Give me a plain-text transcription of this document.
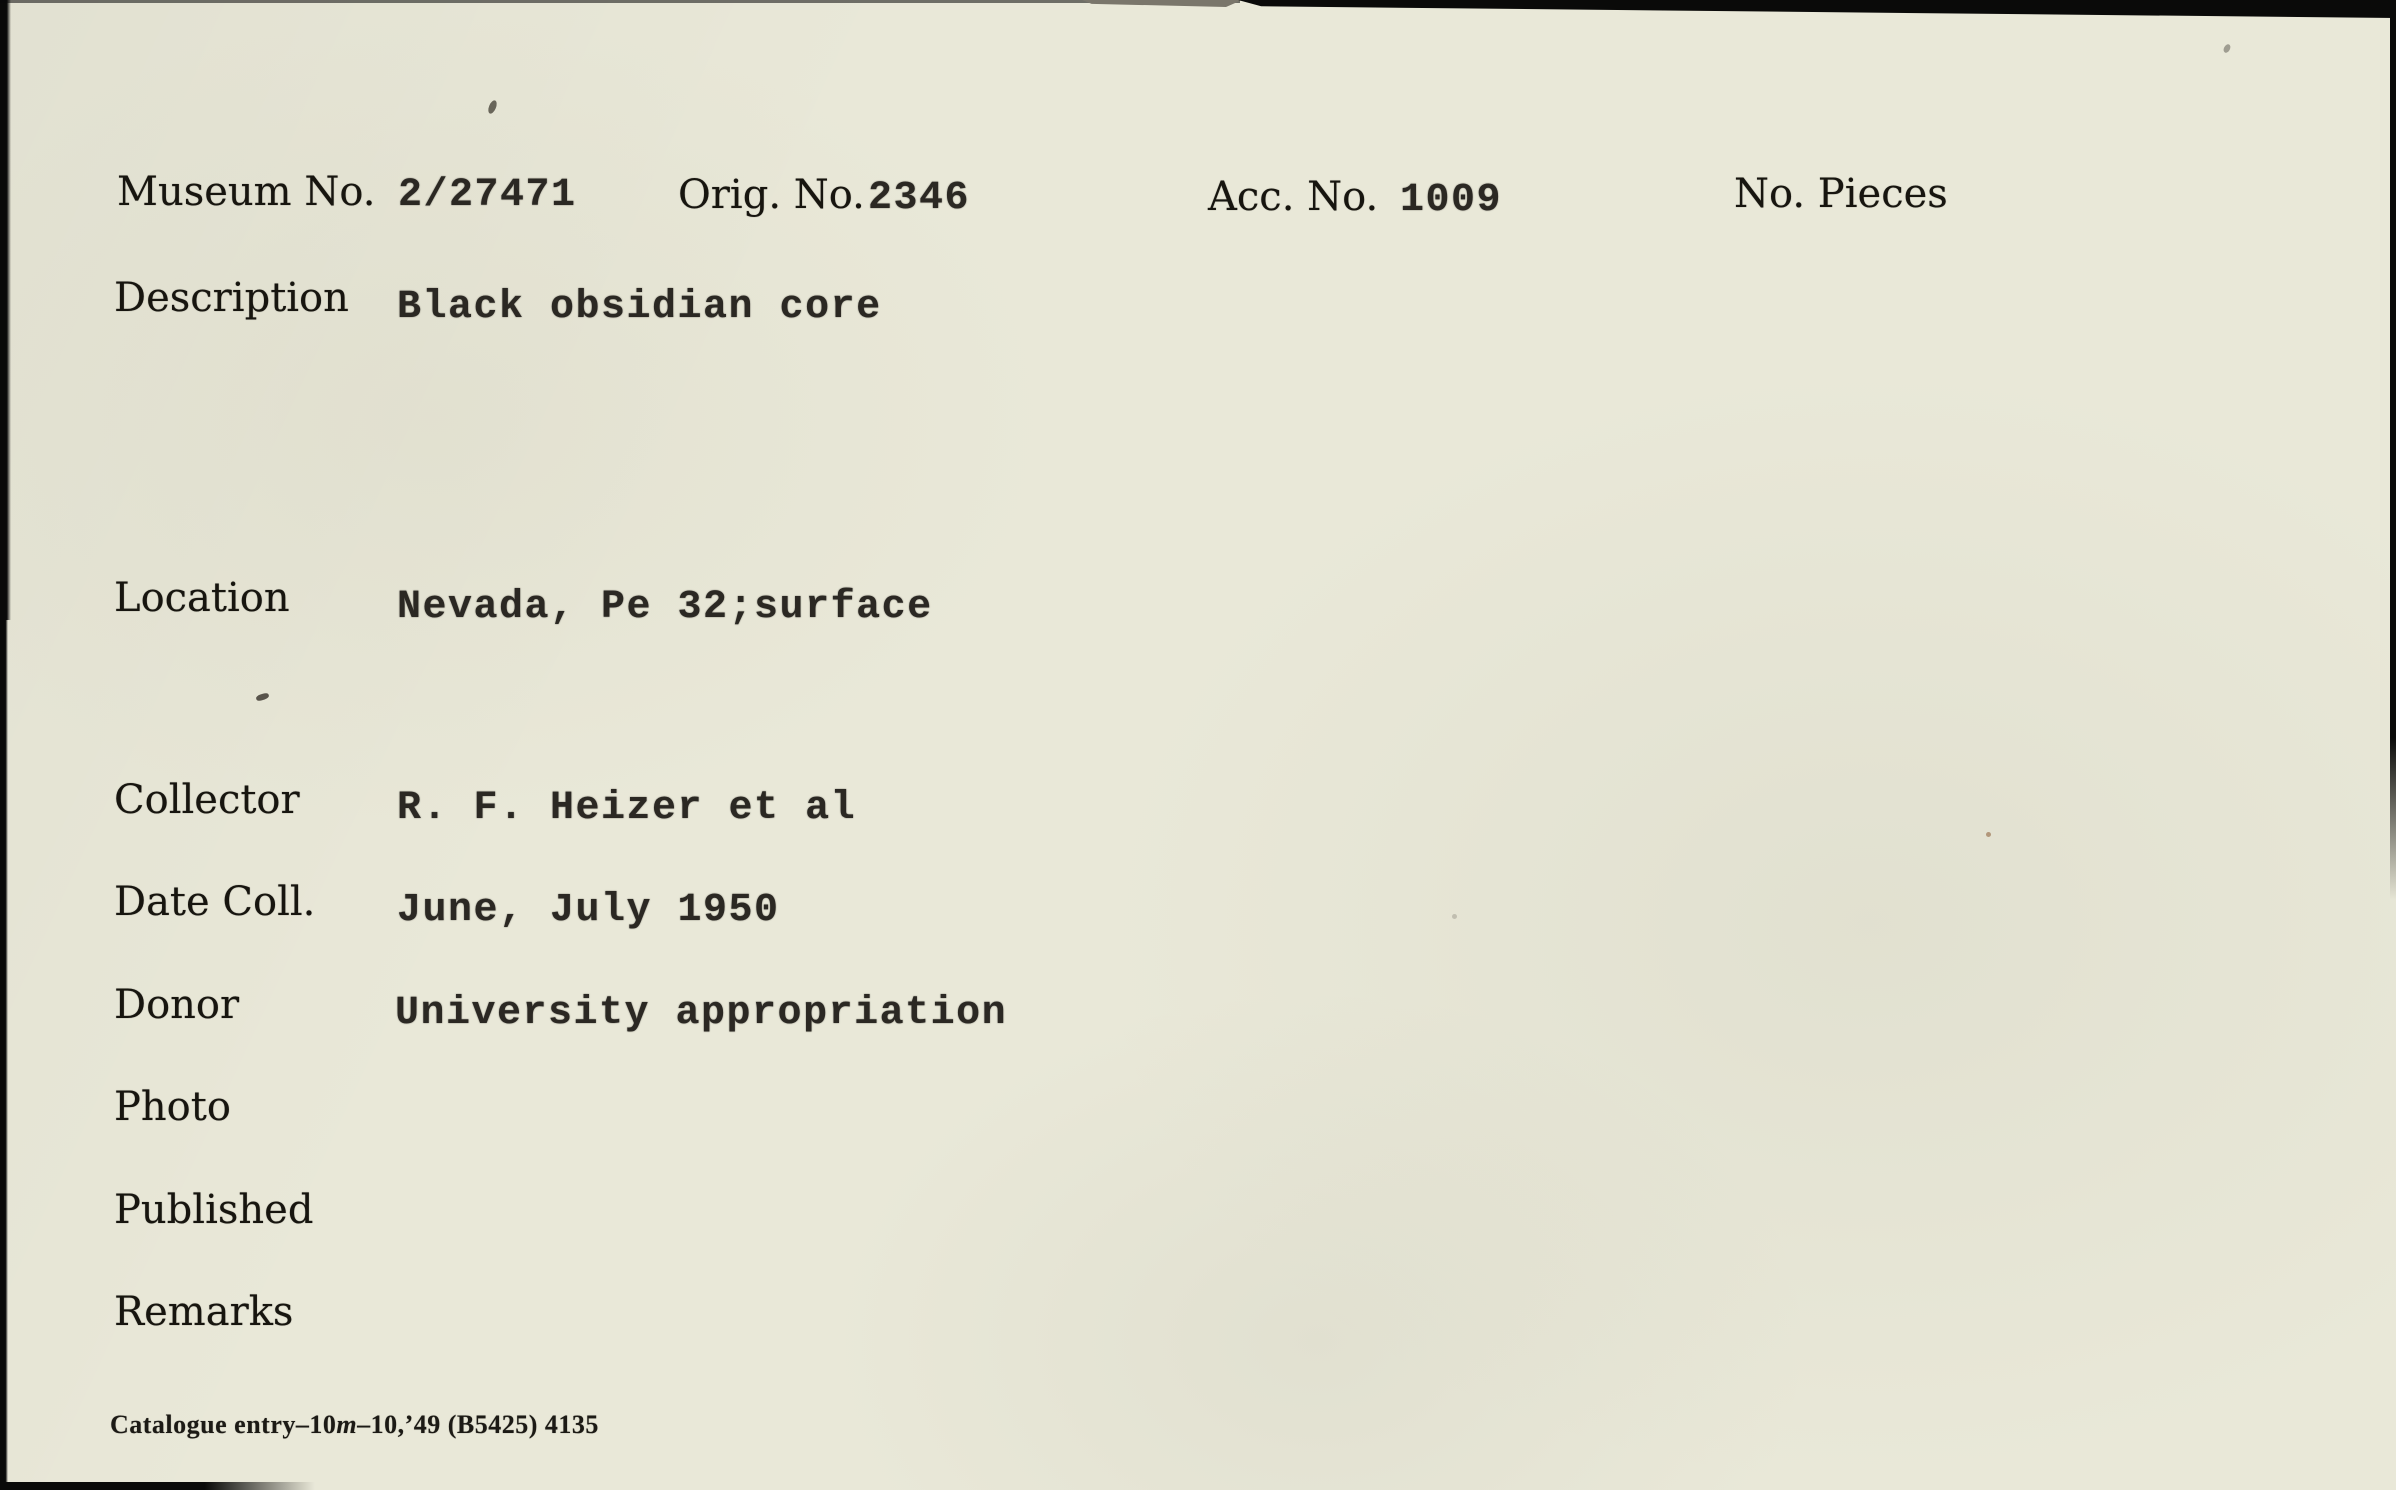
Museum No. 2/27471	Orig. No. 2346	Acc. No. 1009	No. Pieces
Description Black obsidian core
Location	Nevada, Pe 32;surface
Collector R. F. Heizer et al
Date Coll. June, July 1950
Donor	University appropriation
Photo
Published
Remarks
Catalogue entry–10m–10,’49 (B5425) 4135
